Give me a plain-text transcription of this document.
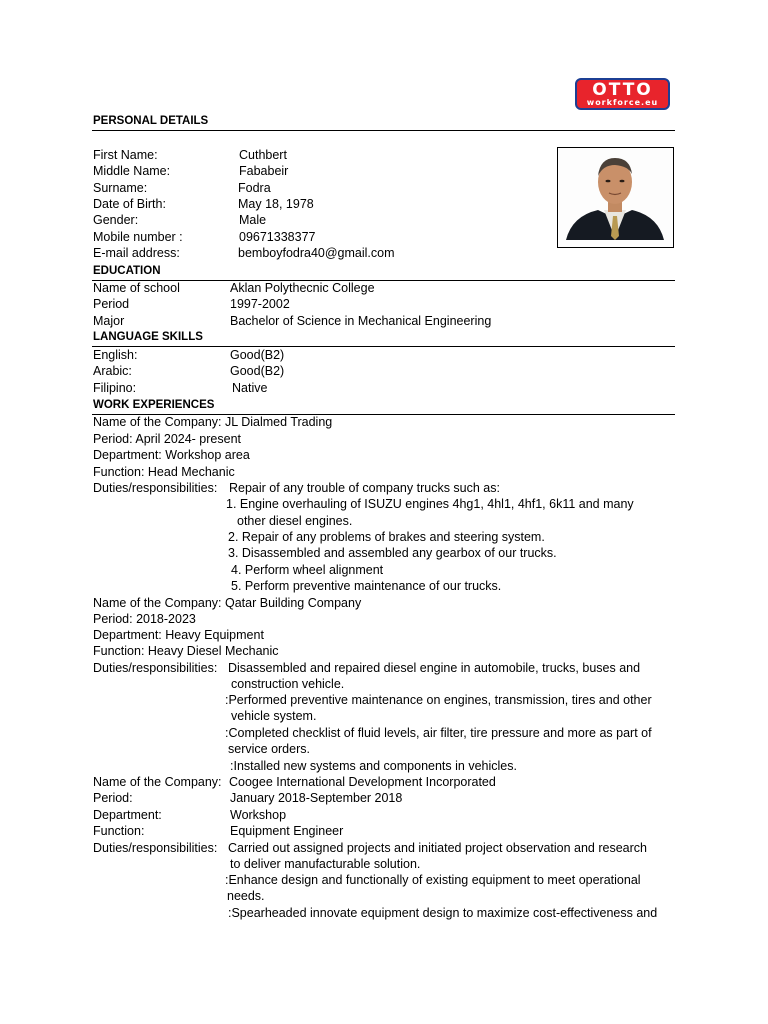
OTTO
workforce.eu
PERSONAL DETAILS
First Name:	Cuthbert
Middle Name:	Fababeir
Surname:	Fodra
Date of Birth:	May 18, 1978
Gender:	Male
Mobile number :	09671338377
E-mail address:	bemboyfodra40@gmail.com
EDUCATION
Name of school	Aklan Polythecnic College
Period	1997-2002
Major	Bachelor of Science in Mechanical Engineering
LANGUAGE SKILLS
English:	Good(B2)
Arabic:	Good(B2)
Filipino:	Native
WORK EXPERIENCES
Name of the Company: JL Dialmed Trading
Period: April 2024- present
Department: Workshop area
Function: Head Mechanic
Duties/responsibilities: Repair of any trouble of company trucks such as:
1. Engine overhauling of ISUZU engines 4hg1, 4hl1, 4hf1, 6k11 and many
other diesel engines.
2. Repair of any problems of brakes and steering system.
3. Disassembled and assembled any gearbox of our trucks.
4. Perform wheel alignment
5. Perform preventive maintenance of our trucks.
Name of the Company: Qatar Building Company
Period: 2018-2023
Department: Heavy Equipment
Function: Heavy Diesel Mechanic
Duties/responsibilities: Disassembled and repaired diesel engine in automobile, trucks, buses and
construction vehicle.
:Performed preventive maintenance on engines, transmission, tires and other
vehicle system.
:Completed checklist of fluid levels, air filter, tire pressure and more as part of
service orders.
:Installed new systems and components in vehicles.
Name of the Company: Coogee International Development Incorporated
Period:	January 2018-September 2018
Department:	Workshop
Function:	Equipment Engineer
Duties/responsibilities: Carried out assigned projects and initiated project observation and research
to deliver manufacturable solution.
:Enhance design and functionally of existing equipment to meet operational
needs.
:Spearheaded innovate equipment design to maximize cost-effectiveness and
